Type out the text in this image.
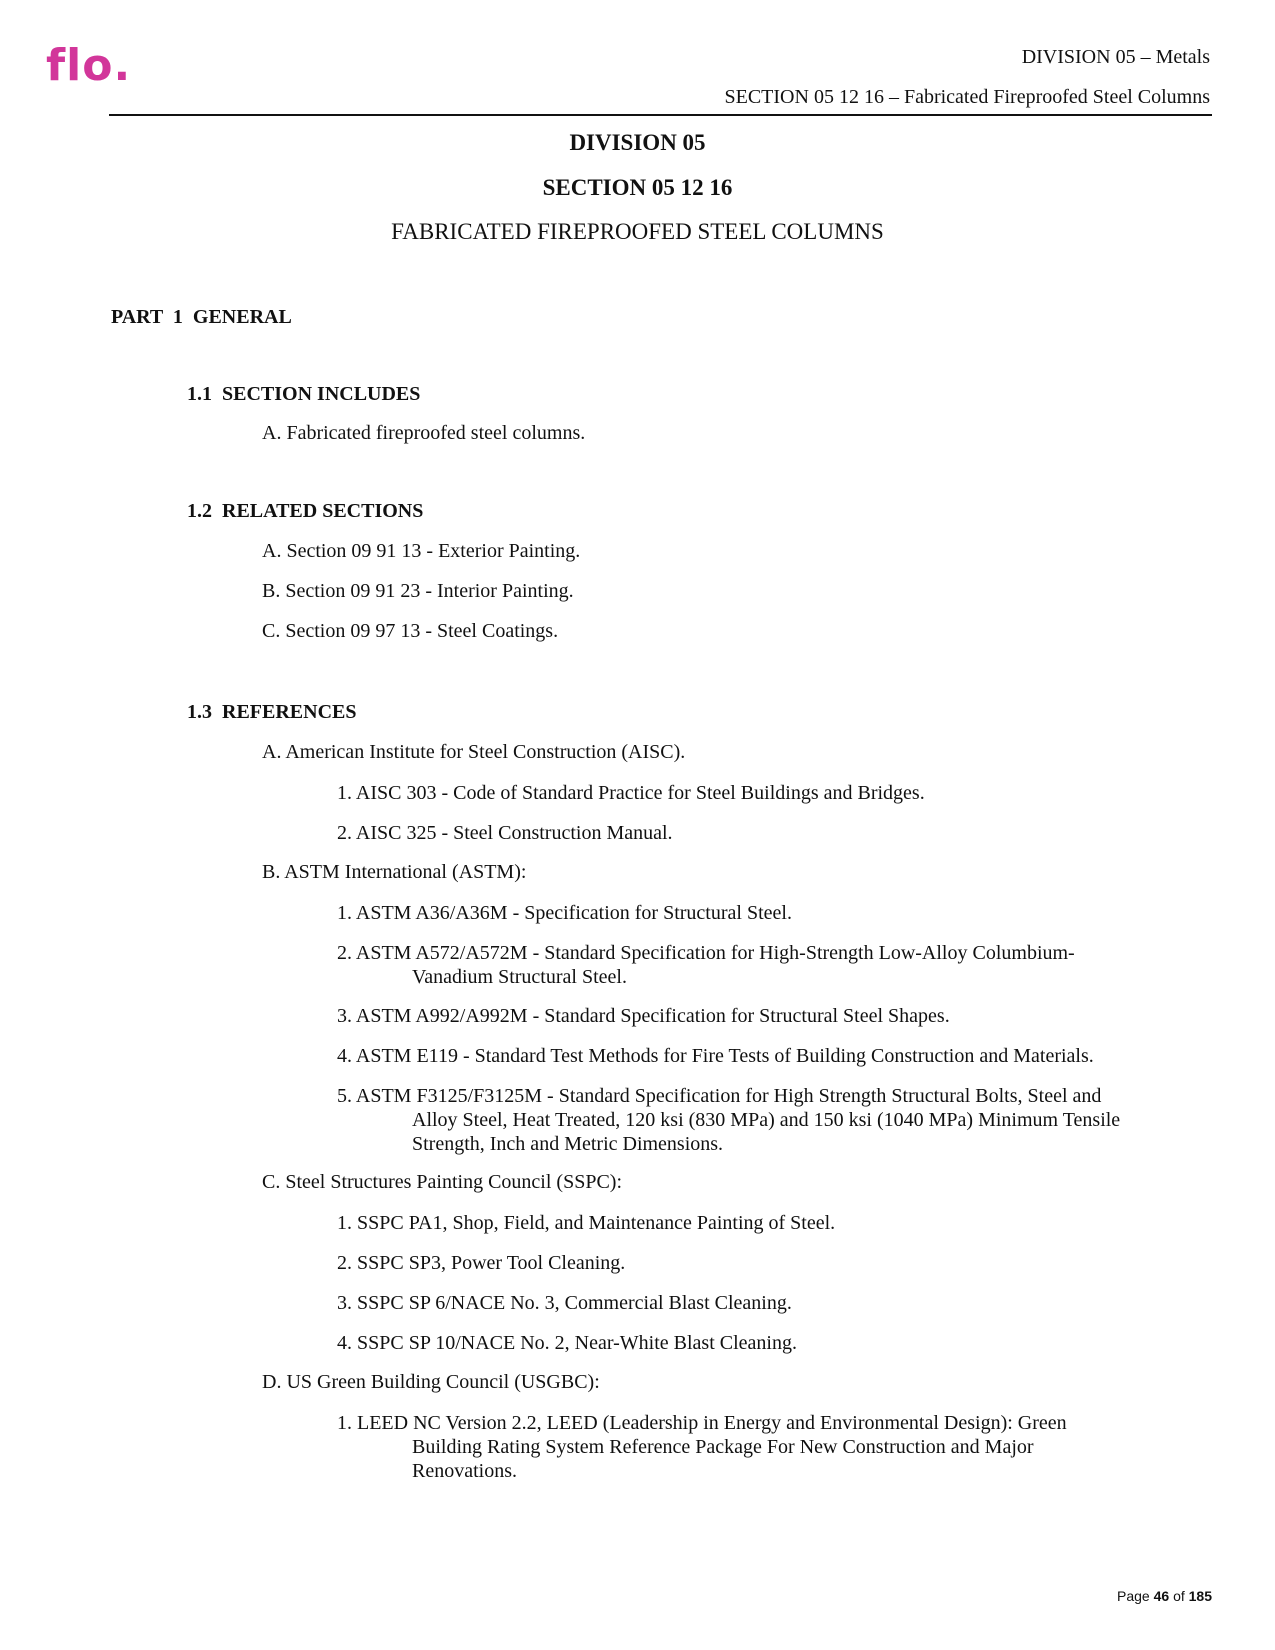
flo.	DIVISION 05 – Metals
SECTION 05 12 16 – Fabricated Fireproofed Steel Columns
DIVISION 05
SECTION 05 12 16
FABRICATED FIREPROOFED STEEL COLUMNS
PART  1  GENERAL
1.1  SECTION INCLUDES
A. Fabricated fireproofed steel columns.
1.2  RELATED SECTIONS
A. Section 09 91 13 - Exterior Painting.
B. Section 09 91 23 - Interior Painting.
C. Section 09 97 13 - Steel Coatings.
1.3  REFERENCES
A. American Institute for Steel Construction (AISC).
1. AISC 303 - Code of Standard Practice for Steel Buildings and Bridges.
2. AISC 325 - Steel Construction Manual.
B. ASTM International (ASTM):
1. ASTM A36/A36M - Specification for Structural Steel.
2. ASTM A572/A572M - Standard Specification for High-Strength Low-Alloy Columbium-
Vanadium Structural Steel.
3. ASTM A992/A992M - Standard Specification for Structural Steel Shapes.
4. ASTM E119 - Standard Test Methods for Fire Tests of Building Construction and Materials.
5. ASTM F3125/F3125M - Standard Specification for High Strength Structural Bolts, Steel and
Alloy Steel, Heat Treated, 120 ksi (830 MPa) and 150 ksi (1040 MPa) Minimum Tensile
Strength, Inch and Metric Dimensions.
C. Steel Structures Painting Council (SSPC):
1. SSPC PA1, Shop, Field, and Maintenance Painting of Steel.
2. SSPC SP3, Power Tool Cleaning.
3. SSPC SP 6/NACE No. 3, Commercial Blast Cleaning.
4. SSPC SP 10/NACE No. 2, Near-White Blast Cleaning.
D. US Green Building Council (USGBC):
1. LEED NC Version 2.2, LEED (Leadership in Energy and Environmental Design): Green
Building Rating System Reference Package For New Construction and Major
Renovations.
Page 46 of 185
